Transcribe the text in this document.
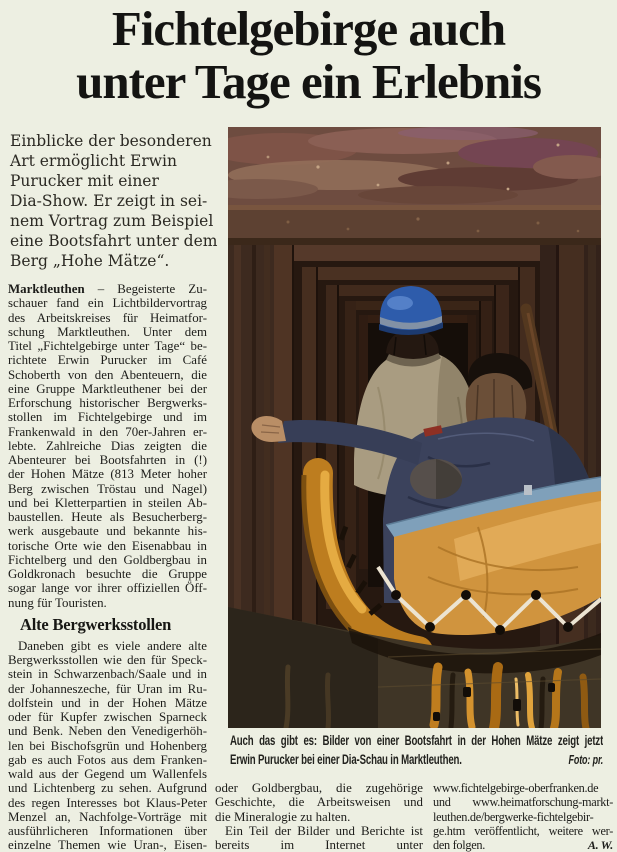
Fichtelgebirge auch
unter Tage ein Erlebnis
Einblicke der besonderen
Art ermöglicht Erwin
Purucker mit einer
Dia-Show. Er zeigt in sei-
nem Vortrag zum Beispiel
eine Bootsfahrt unter dem
Berg „Hohe Mätze“.
Auch das gibt es: Bilder von einer Bootsfahrt in der Hohen Mätze zeigt jetzt
Erwin Purucker bei einer Dia-Schau in Marktleuthen.	Foto: pr.
Marktleuthen – Begeisterte Zu-
schauer fand ein Lichtbildervortrag
des Arbeitskreises für Heimatfor-
schung Marktleuthen. Unter dem
Titel „Fichtelgebirge unter Tage“ be-
richtete Erwin Purucker im Café
Schoberth von den Abenteuern, die
eine Gruppe Marktleuthener bei der
Erforschung historischer Bergwerks-
stollen im Fichtelgebirge und im
Frankenwald in den 70er-Jahren er-
lebte. Zahlreiche Dias zeigten die
Abenteurer bei Bootsfahrten in (!)
der Hohen Mätze (813 Meter hoher
Berg zwischen Tröstau und Nagel)
und bei Kletterpartien in steilen Ab-
baustellen. Heute als Besucherberg-
werk ausgebaute und bekannte his-
torische Orte wie den Eisenabbau in
Fichtelberg und den Goldbergbau in
Goldkronach besuchte die Gruppe
sogar lange vor ihrer offiziellen Öff-
nung für Touristen.
Alte Bergwerksstollen
Daneben gibt es viele andere alte
Bergwerksstollen wie den für Speck-
stein in Schwarzenbach/Saale und in
der Johanneszeche, für Uran im Ru-
dolfstein und in der Hohen Mätze
oder für Kupfer zwischen Sparneck
und Benk. Neben den Venedigerhöh-
len bei Bischofsgrün und Hohenberg
gab es auch Fotos aus dem Franken-
wald aus der Gegend um Wallenfels
und Lichtenberg zu sehen. Aufgrund
des regen Interesses bot Klaus-Peter
Menzel an, Nachfolge-Vorträge mit
ausführlicheren Informationen über
einzelne Themen wie Uran-, Eisen-
oder Goldbergbau, die zugehörige
Geschichte, die Arbeitsweisen und
die Mineralogie zu halten.
Ein Teil der Bilder und Berichte ist
bereits im Internet unter
www.fichtelgebirge-oberfranken.de
und www.heimatforschung-markt-
leuthen.de/bergwerke-fichtelgebir-
ge.htm veröffentlicht, weitere wer-
den folgen.	A. W.
